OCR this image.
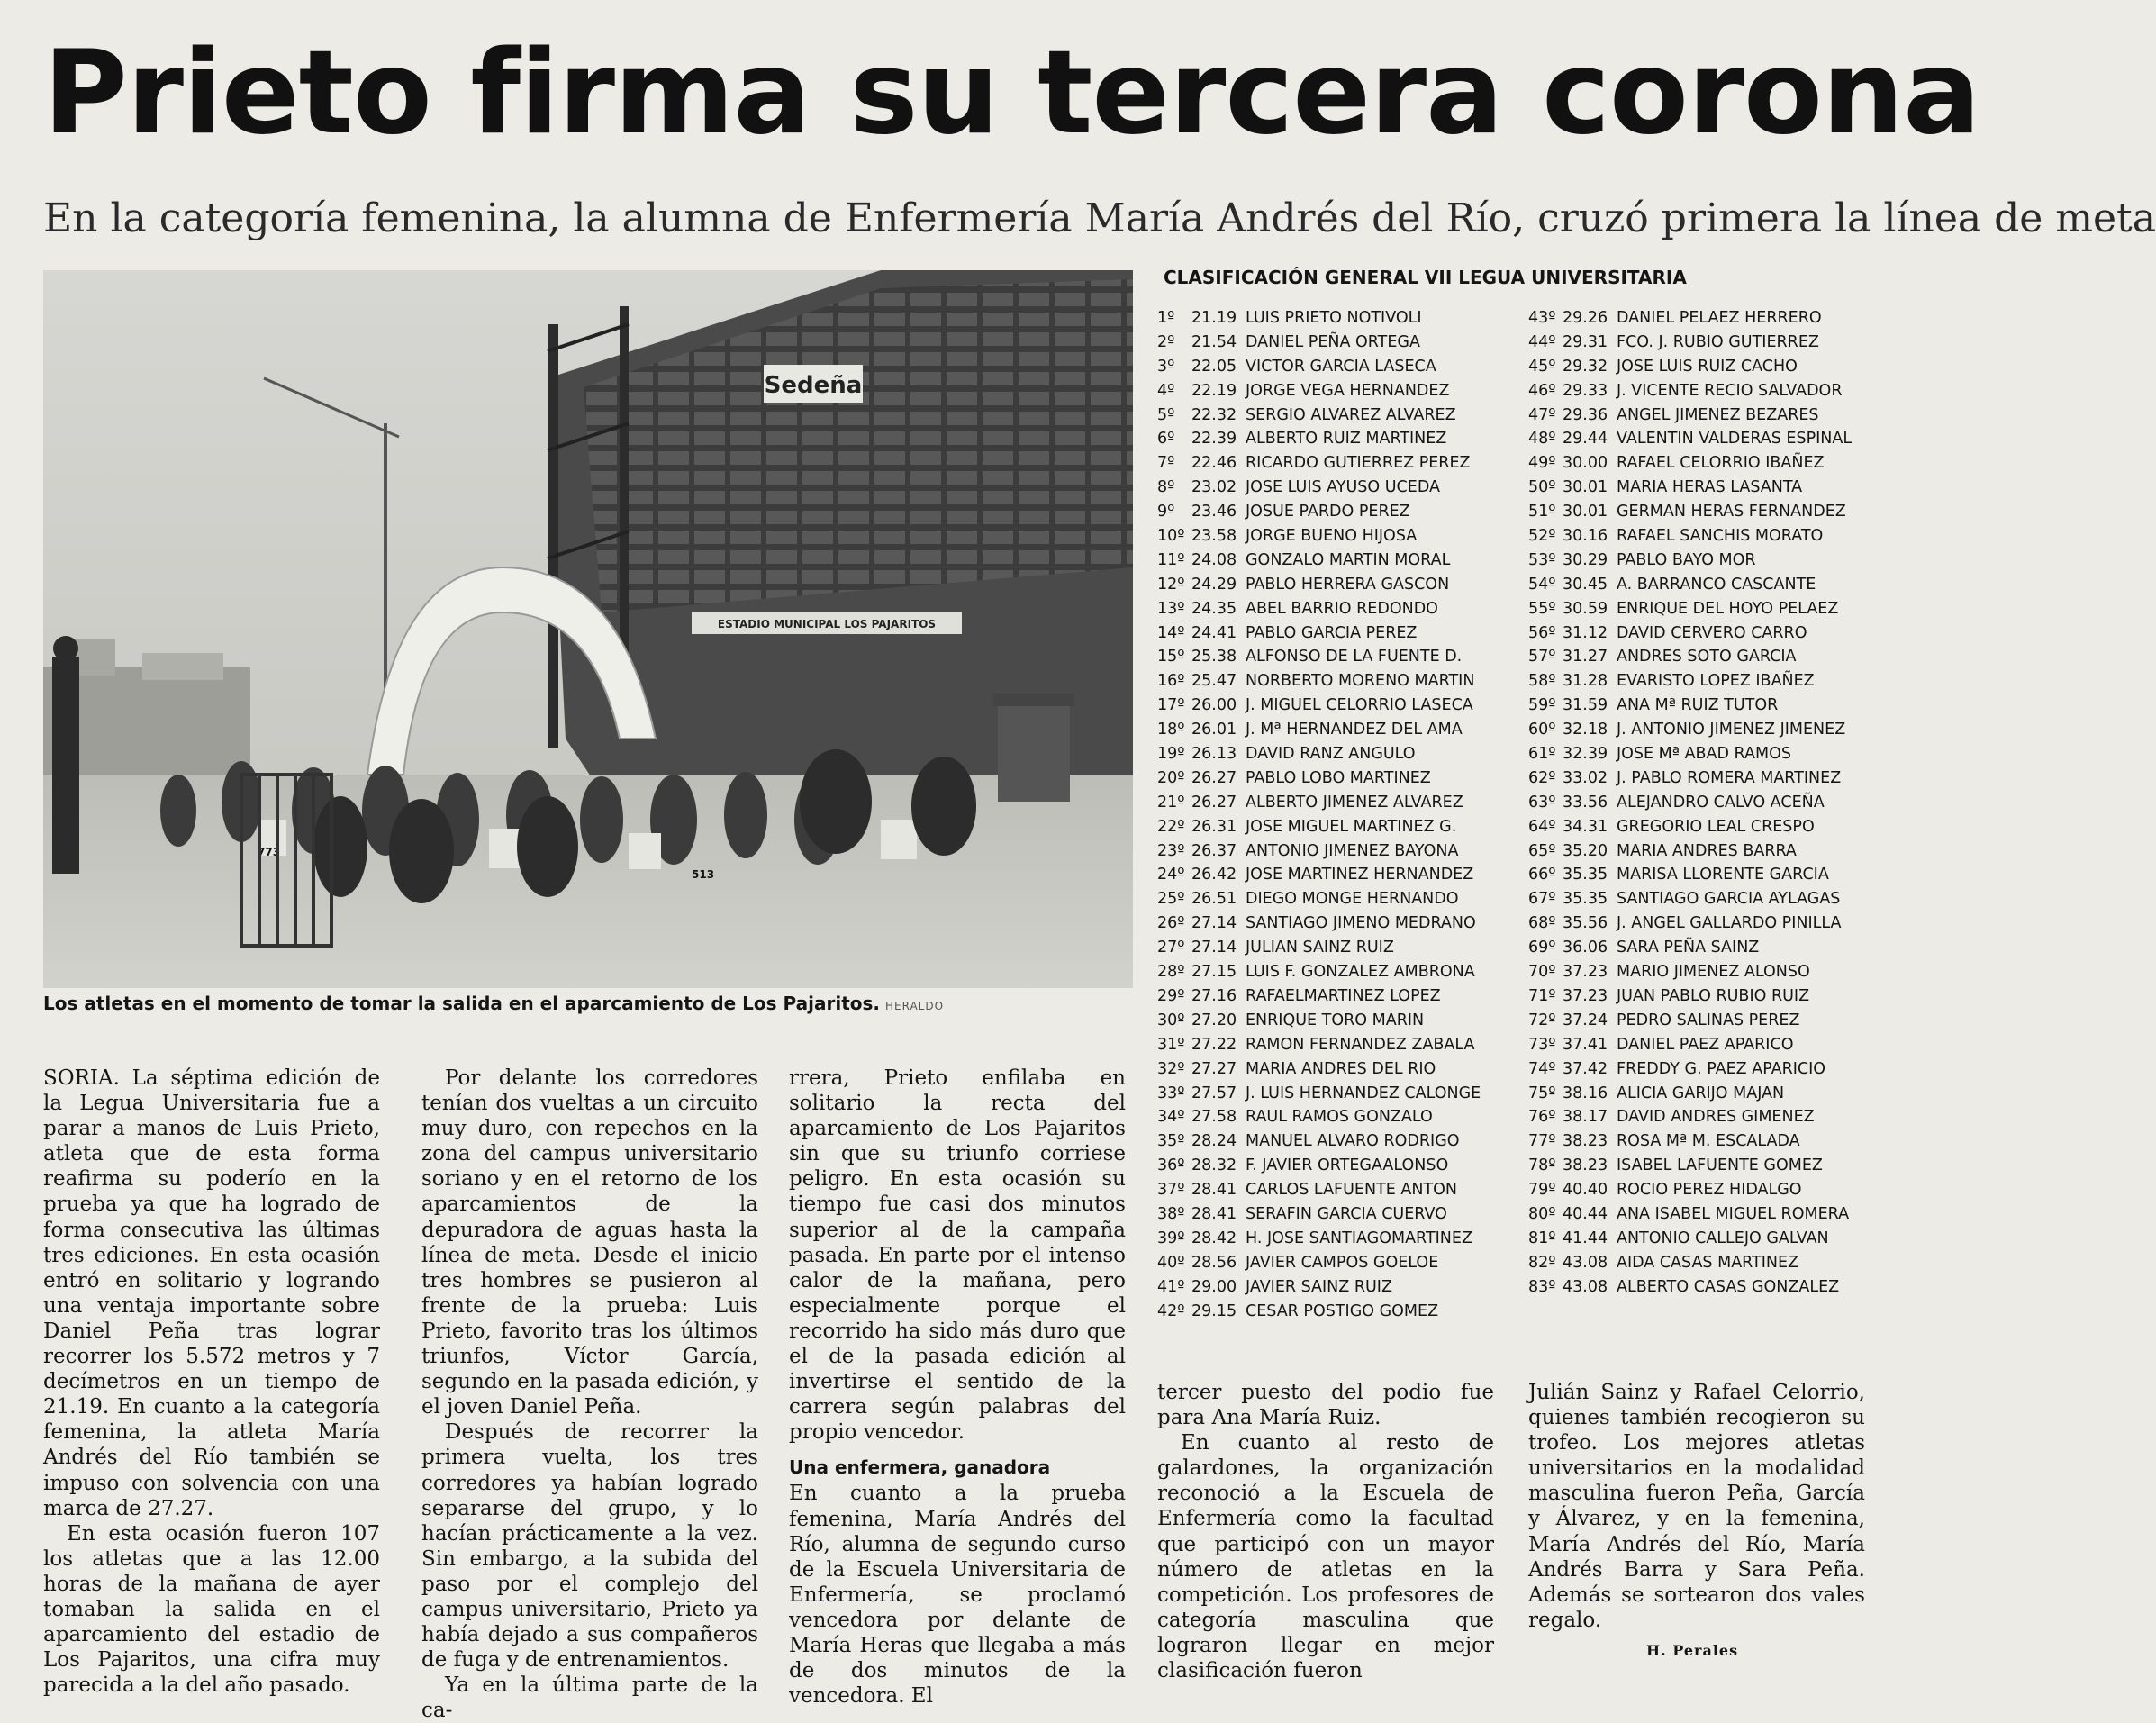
Prieto firma su tercera corona
En la categoría femenina, la alumna de Enfermería María Andrés del Río, cruzó primera la línea de meta
Sedeña
ESTADIO MUNICIPAL LOS PAJARITOS
773
513
Los atletas en el momento de tomar la salida en el aparcamiento de Los Pajaritos. HERALDO
CLASIFICACIÓN GENERAL VII LEGUA UNIVERSITARIA
1º 21.19 LUIS PRIETO NOTIVOLI
2º 21.54 DANIEL PEÑA ORTEGA
3º 22.05 VICTOR GARCIA LASECA
4º 22.19 JORGE VEGA HERNANDEZ
5º 22.32 SERGIO ALVAREZ ALVAREZ
6º 22.39 ALBERTO RUIZ MARTINEZ
7º 22.46 RICARDO GUTIERREZ PEREZ
8º 23.02 JOSE LUIS AYUSO UCEDA
9º 23.46 JOSUE PARDO PEREZ
10º 23.58 JORGE BUENO HIJOSA
11º 24.08 GONZALO MARTIN MORAL
12º 24.29 PABLO HERRERA GASCON
13º 24.35 ABEL BARRIO REDONDO
14º 24.41 PABLO GARCIA PEREZ
15º 25.38 ALFONSO DE LA FUENTE D.
16º 25.47 NORBERTO MORENO MARTIN
17º 26.00 J. MIGUEL CELORRIO LASECA
18º 26.01 J. Mª HERNANDEZ DEL AMA
19º 26.13 DAVID RANZ ANGULO
20º 26.27 PABLO LOBO MARTINEZ
21º 26.27 ALBERTO JIMENEZ ALVAREZ
22º 26.31 JOSE MIGUEL MARTINEZ G.
23º 26.37 ANTONIO JIMENEZ BAYONA
24º 26.42 JOSE MARTINEZ HERNANDEZ
25º 26.51 DIEGO MONGE HERNANDO
26º 27.14 SANTIAGO JIMENO MEDRANO
27º 27.14 JULIAN SAINZ RUIZ
28º 27.15 LUIS F. GONZALEZ AMBRONA
29º 27.16 RAFAELMARTINEZ LOPEZ
30º 27.20 ENRIQUE TORO MARIN
31º 27.22 RAMON FERNANDEZ ZABALA
32º 27.27 MARIA ANDRES DEL RIO
33º 27.57 J. LUIS HERNANDEZ CALONGE
34º 27.58 RAUL RAMOS GONZALO
35º 28.24 MANUEL ALVARO RODRIGO
36º 28.32 F. JAVIER ORTEGAALONSO
37º 28.41 CARLOS LAFUENTE ANTON
38º 28.41 SERAFIN GARCIA CUERVO
39º 28.42 H. JOSE SANTIAGOMARTINEZ
40º 28.56 JAVIER CAMPOS GOELOE
41º 29.00 JAVIER SAINZ RUIZ
42º 29.15 CESAR POSTIGO GOMEZ
43º 29.26 DANIEL PELAEZ HERRERO
44º 29.31 FCO. J. RUBIO GUTIERREZ
45º 29.32 JOSE LUIS RUIZ CACHO
46º 29.33 J. VICENTE RECIO SALVADOR
47º 29.36 ANGEL JIMENEZ BEZARES
48º 29.44 VALENTIN VALDERAS ESPINAL
49º 30.00 RAFAEL CELORRIO IBAÑEZ
50º 30.01 MARIA HERAS LASANTA
51º 30.01 GERMAN HERAS FERNANDEZ
52º 30.16 RAFAEL SANCHIS MORATO
53º 30.29 PABLO BAYO MOR
54º 30.45 A. BARRANCO CASCANTE
55º 30.59 ENRIQUE DEL HOYO PELAEZ
56º 31.12 DAVID CERVERO CARRO
57º 31.27 ANDRES SOTO GARCIA
58º 31.28 EVARISTO LOPEZ IBAÑEZ
59º 31.59 ANA Mª RUIZ TUTOR
60º 32.18 J. ANTONIO JIMENEZ JIMENEZ
61º 32.39 JOSE Mª ABAD RAMOS
62º 33.02 J. PABLO ROMERA MARTINEZ
63º 33.56 ALEJANDRO CALVO ACEÑA
64º 34.31 GREGORIO LEAL CRESPO
65º 35.20 MARIA ANDRES BARRA
66º 35.35 MARISA LLORENTE GARCIA
67º 35.35 SANTIAGO GARCIA AYLAGAS
68º 35.56 J. ANGEL GALLARDO PINILLA
69º 36.06 SARA PEÑA SAINZ
70º 37.23 MARIO JIMENEZ ALONSO
71º 37.23 JUAN PABLO RUBIO RUIZ
72º 37.24 PEDRO SALINAS PEREZ
73º 37.41 DANIEL PAEZ APARICO
74º 37.42 FREDDY G. PAEZ APARICIO
75º 38.16 ALICIA GARIJO MAJAN
76º 38.17 DAVID ANDRES GIMENEZ
77º 38.23 ROSA Mª M. ESCALADA
78º 38.23 ISABEL LAFUENTE GOMEZ
79º 40.40 ROCIO PEREZ HIDALGO
80º 40.44 ANA ISABEL MIGUEL ROMERA
81º 41.44 ANTONIO CALLEJO GALVAN
82º 43.08 AIDA CASAS MARTINEZ
83º 43.08 ALBERTO CASAS GONZALEZ

SORIA. La séptima edición de la Legua Universitaria fue a parar a manos de Luis Prieto, atleta que de esta forma reafirma su poderío en la prueba ya que ha logrado de forma consecutiva las últimas tres ediciones. En esta ocasión entró en solitario y logrando una ventaja importante sobre Daniel Peña tras lograr recorrer los 5.572 metros y 7 decímetros en un tiempo de 21.19. En cuanto a la categoría femenina, la atleta María Andrés del Río también se impuso con solvencia con una marca de 27.27.

En esta ocasión fueron 107 los atletas que a las 12.00 horas de la mañana de ayer tomaban la salida en el aparcamiento del estadio de Los Pajaritos, una cifra muy parecida a la del año pasado.

Por delante los corredores tenían dos vueltas a un circuito muy duro, con repechos en la zona del campus universitario soriano y en el retorno de los aparcamientos de la depuradora de aguas hasta la línea de meta. Desde el inicio tres hombres se pusieron al frente de la prueba: Luis Prieto, favorito tras los últimos triunfos, Víctor García, segundo en la pasada edición, y el joven Daniel Peña.

Después de recorrer la primera vuelta, los tres corredores ya habían logrado separarse del grupo, y lo hacían prácticamente a la vez. Sin embargo, a la subida del paso por el complejo del campus universitario, Prieto ya había dejado a sus compañeros de fuga y de entrenamientos.

Ya en la última parte de la ca-

rrera, Prieto enfilaba en solitario la recta del aparcamiento de Los Pajaritos sin que su triunfo corriese peligro. En esta ocasión su tiempo fue casi dos minutos superior al de la campaña pasada. En parte por el intenso calor de la mañana, pero especialmente porque el recorrido ha sido más duro que el de la pasada edición al invertirse el sentido de la carrera según palabras del propio vencedor.

Una enfermera, ganadora

En cuanto a la prueba femenina, María Andrés del Río, alumna de segundo curso de la Escuela Universitaria de Enfermería, se proclamó vencedora por delante de María Heras que llegaba a más de dos minutos de la vencedora. El

tercer puesto del podio fue para Ana María Ruiz.

En cuanto al resto de galardones, la organización reconoció a la Escuela de Enfermería como la facultad que participó con un mayor número de atletas en la competición. Los profesores de categoría masculina que lograron llegar en mejor clasificación fueron

Julián Sainz y Rafael Celorrio, quienes también recogieron su trofeo. Los mejores atletas universitarios en la modalidad masculina fueron Peña, García y Álvarez, y en la femenina, María Andrés del Río, María Andrés Barra y Sara Peña. Además se sortearon dos vales regalo.

H. Perales
